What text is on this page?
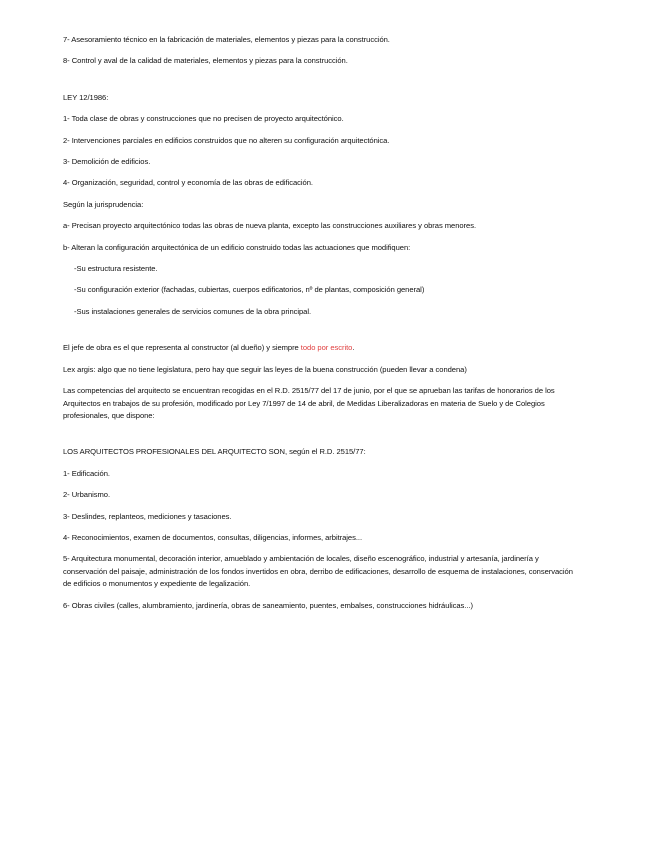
7- Asesoramiento técnico en la fabricación de materiales, elementos y piezas para la construcción.

8- Control y aval de la calidad de materiales, elementos y piezas para la construcción.

LEY 12/1986:

1- Toda clase de obras y construcciones que no precisen de proyecto arquitectónico.

2- Intervenciones parciales en edificios construidos que no alteren su configuración arquitectónica.

3- Demolición de edificios.

4- Organización, seguridad, control y economía de las obras de edificación.

Según la jurisprudencia:

a- Precisan proyecto arquitectónico todas las obras de nueva planta, excepto las construcciones auxiliares y obras menores.

b- Alteran la configuración arquitectónica de un edificio construido todas las actuaciones que modifiquen:

-Su estructura resistente.

-Su configuración exterior (fachadas, cubiertas, cuerpos edificatorios, nº de plantas, composición general)

-Sus instalaciones generales de servicios comunes de la obra principal.

El jefe de obra es el que representa al constructor (al dueño) y siempre todo por escrito.

Lex argis: algo que no tiene legislatura, pero hay que seguir las leyes de la buena construcción (pueden llevar a condena)

Las competencias del arquitecto se encuentran recogidas en el R.D. 2515/77 del 17 de junio, por el que se aprueban las tarifas de honorarios de los Arquitectos en trabajos de su profesión, modificado por Ley 7/1997 de 14 de abril, de Medidas Liberalizadoras en materia de Suelo y de Colegios profesionales, que dispone:

LOS ARQUITECTOS PROFESIONALES DEL ARQUITECTO SON, según el R.D. 2515/77:

1- Edificación.

2- Urbanismo.

3- Deslindes, replanteos, mediciones y tasaciones.

4- Reconocimientos, examen de documentos, consultas, diligencias, informes, arbitrajes...

5- Arquitectura monumental, decoración interior, amueblado y ambientación de locales, diseño escenográfico, industrial y artesanía, jardinería y conservación del paisaje, administración de los fondos invertidos en obra, derribo de edificaciones, desarrollo de esquema de instalaciones, conservación de edificios o monumentos y expediente de legalización.

6- Obras civiles (calles, alumbramiento, jardinería, obras de saneamiento, puentes, embalses, construcciones hidráulicas...)
